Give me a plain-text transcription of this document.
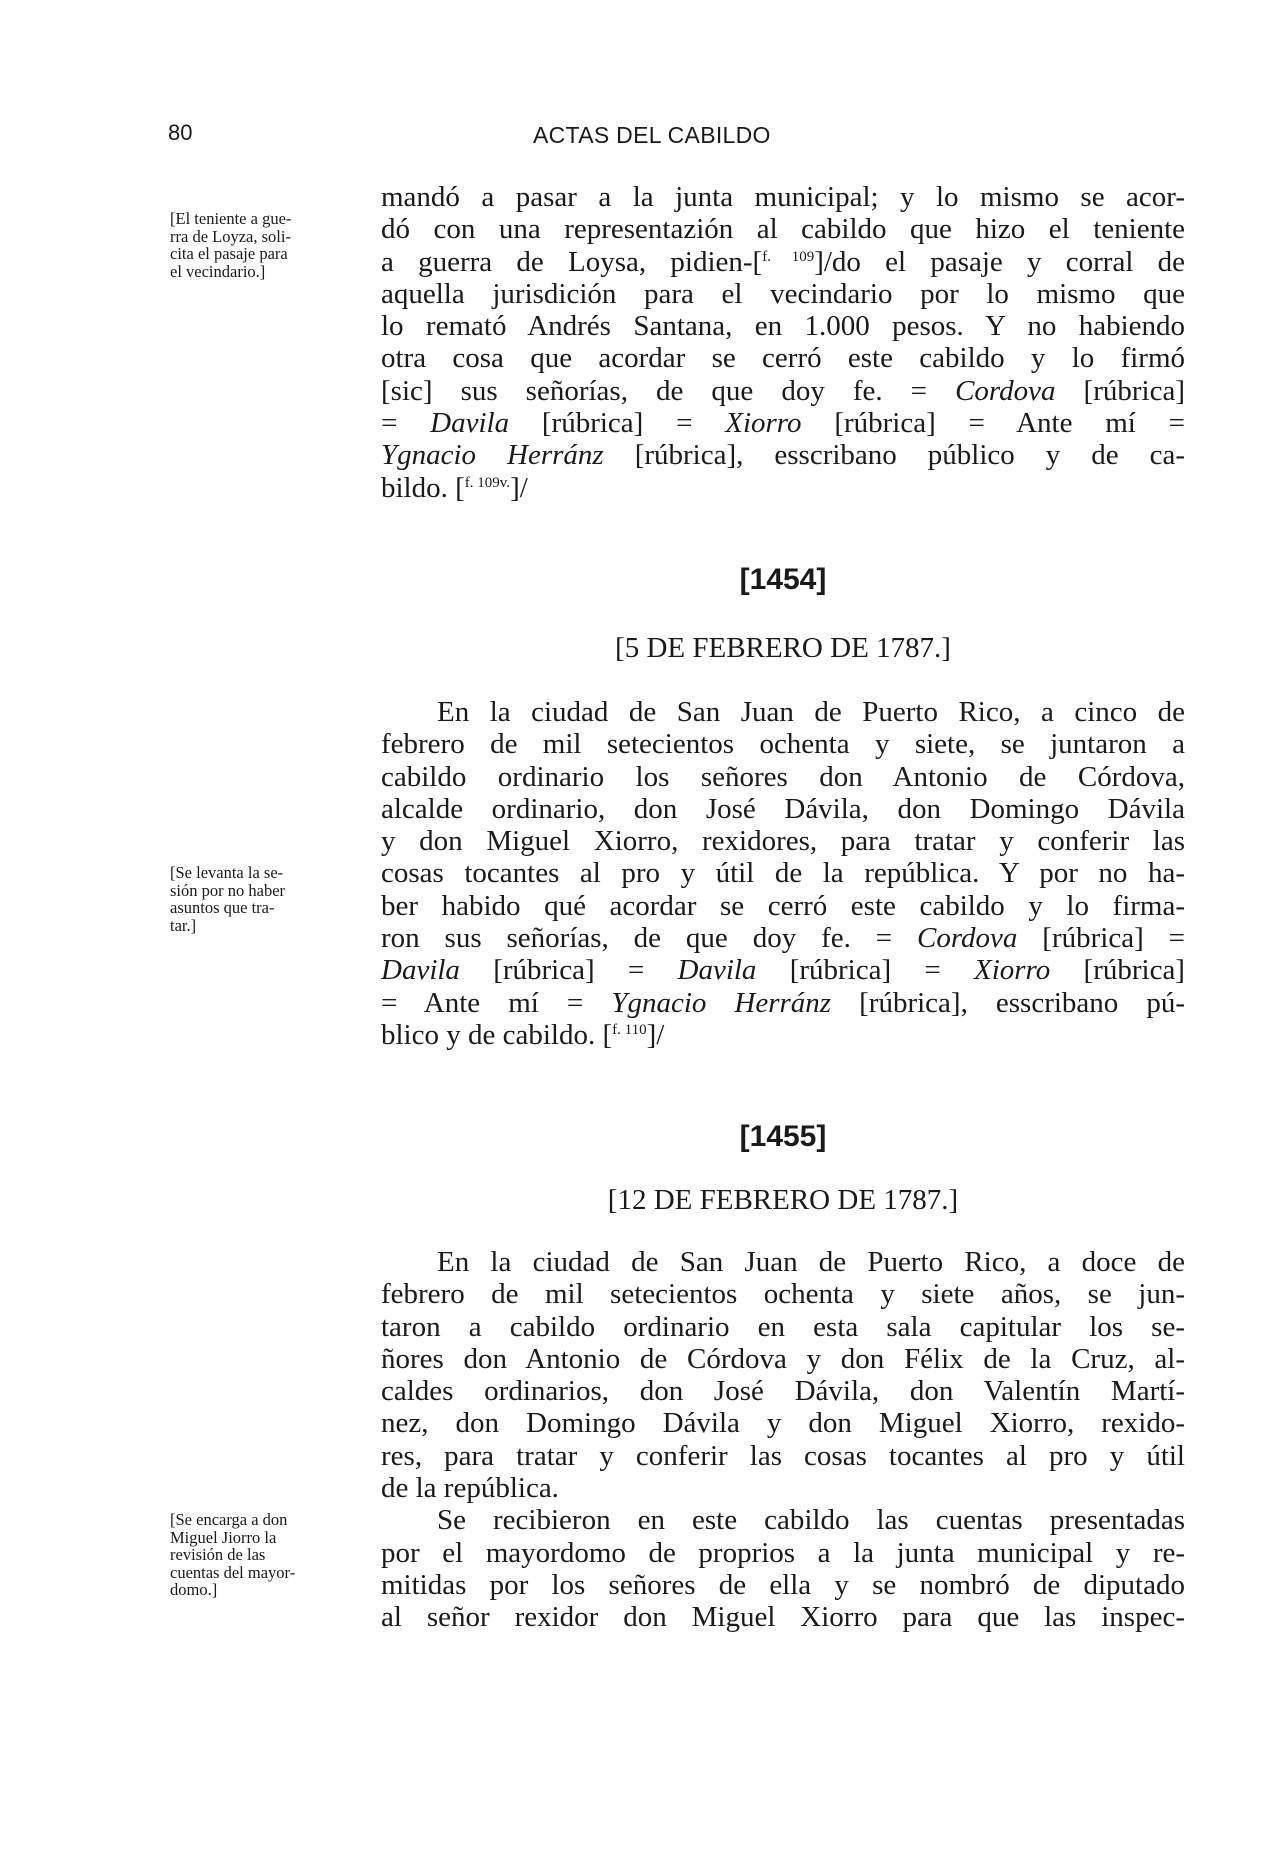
80	ACTAS DEL CABILDO
[El teniente a gue-
rra de Loyza, soli-
cita el pasaje para
el vecindario.]
[Se levanta la se-
sión por no haber
asuntos que tra-
tar.]
[Se encarga a don
Miguel Jiorro la
revisión de las
cuentas del mayor-
domo.]
mandó a pasar a la junta municipal; y lo mismo se acor-
dó con una representazión al cabildo que hizo el teniente
a guerra de Loysa, pidien-[$^{f. 109}$]/do el pasaje y corral de
aquella jurisdición para el vecindario por lo mismo que
lo remató Andrés Santana, en 1.000 pesos. Y no habiendo
otra cosa que acordar se cerró este cabildo y lo firmó
[sic] sus señorías, de que doy fe. = Cordova [rúbrica]
= Davila [rúbrica] = Xiorro [rúbrica] = Ante mí =
Ygnacio Herránz [rúbrica], esscribano público y de ca-
bildo. [$^{f. 109v.}$]/
[1454]
[5 DE FEBRERO DE 1787.]
En la ciudad de San Juan de Puerto Rico, a cinco de
febrero de mil setecientos ochenta y siete, se juntaron a
cabildo ordinario los señores don Antonio de Córdova,
alcalde ordinario, don José Dávila, don Domingo Dávila
y don Miguel Xiorro, rexidores, para tratar y conferir las
cosas tocantes al pro y útil de la república. Y por no ha-
ber habido qué acordar se cerró este cabildo y lo firma-
ron sus señorías, de que doy fe. = Cordova [rúbrica] =
Davila [rúbrica] = Davila [rúbrica] = Xiorro [rúbrica]
= Ante mí = Ygnacio Herránz [rúbrica], esscribano pú-
blico y de cabildo. [$^{f. 110}$]/
[1455]
[12 DE FEBRERO DE 1787.]
En la ciudad de San Juan de Puerto Rico, a doce de
febrero de mil setecientos ochenta y siete años, se jun-
taron a cabildo ordinario en esta sala capitular los se-
ñores don Antonio de Córdova y don Félix de la Cruz, al-
caldes ordinarios, don José Dávila, don Valentín Martí-
nez, don Domingo Dávila y don Miguel Xiorro, rexido-
res, para tratar y conferir las cosas tocantes al pro y útil
de la república.
Se recibieron en este cabildo las cuentas presentadas
por el mayordomo de proprios a la junta municipal y re-
mitidas por los señores de ella y se nombró de diputado
al señor rexidor don Miguel Xiorro para que las inspec-
